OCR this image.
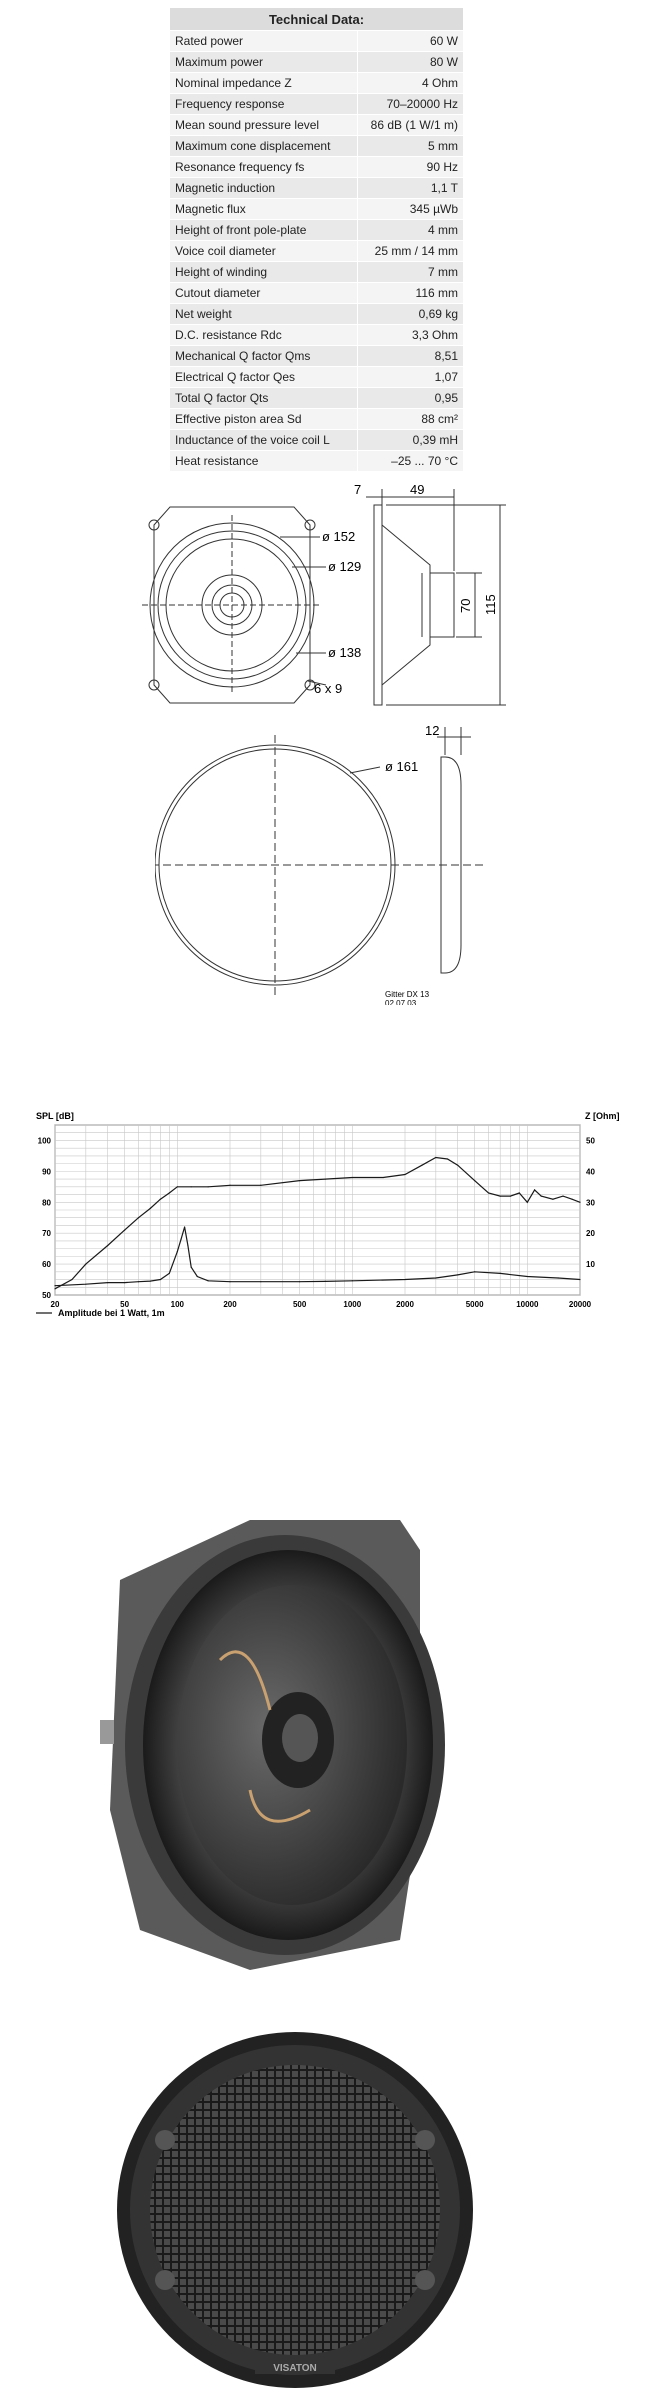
Technical Data:	
Rated power	60 W
Maximum power	80 W
Nominal impedance Z	4 Ohm
Frequency response	70–20000 Hz
Mean sound pressure level	86 dB (1 W/1 m)
Maximum cone displacement	5 mm
Resonance frequency fs	90 Hz
Magnetic induction	1,1 T
Magnetic flux	345 µWb
Height of front pole-plate	4 mm
Voice coil diameter	25 mm / 14 mm
Height of winding	7 mm
Cutout diameter	116 mm
Net weight	0,69 kg
D.C. resistance Rdc	3,3 Ohm
Mechanical Q factor Qms	8,51
Electrical Q factor Qes	1,07
Total Q factor Qts	0,95
Effective piston area Sd	88 cm²
Inductance of the voice coil L	0,39 mH
Heat resistance	–25 ... 70 °C
ø 152
ø 129
ø 138
6 x 9
7	49
70 115
ø 161
12
Gitter DX 13
02 07 03
20	50	100	200	500	1000	2000	5000	10000	20000
50
60
70
80
90
100
10
20
30
40
50
SPL [dB]	Z [Ohm]
Amplitude bei 1 Watt, 1m
VISATON
